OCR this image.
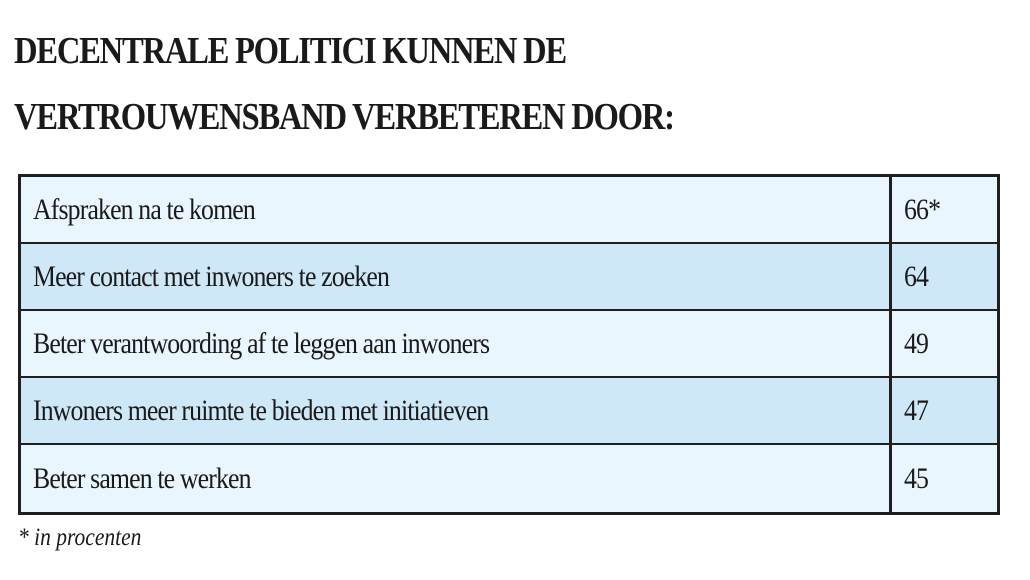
DECENTRALE POLITICI KUNNEN DE
VERTROUWENSBAND VERBETEREN DOOR:
Afspraken na te komen	66*
Meer contact met inwoners te zoeken	64
Beter verantwoording af te leggen aan inwoners	49
Inwoners meer ruimte te bieden met initiatieven	47
Beter samen te werken	45
* in procenten
